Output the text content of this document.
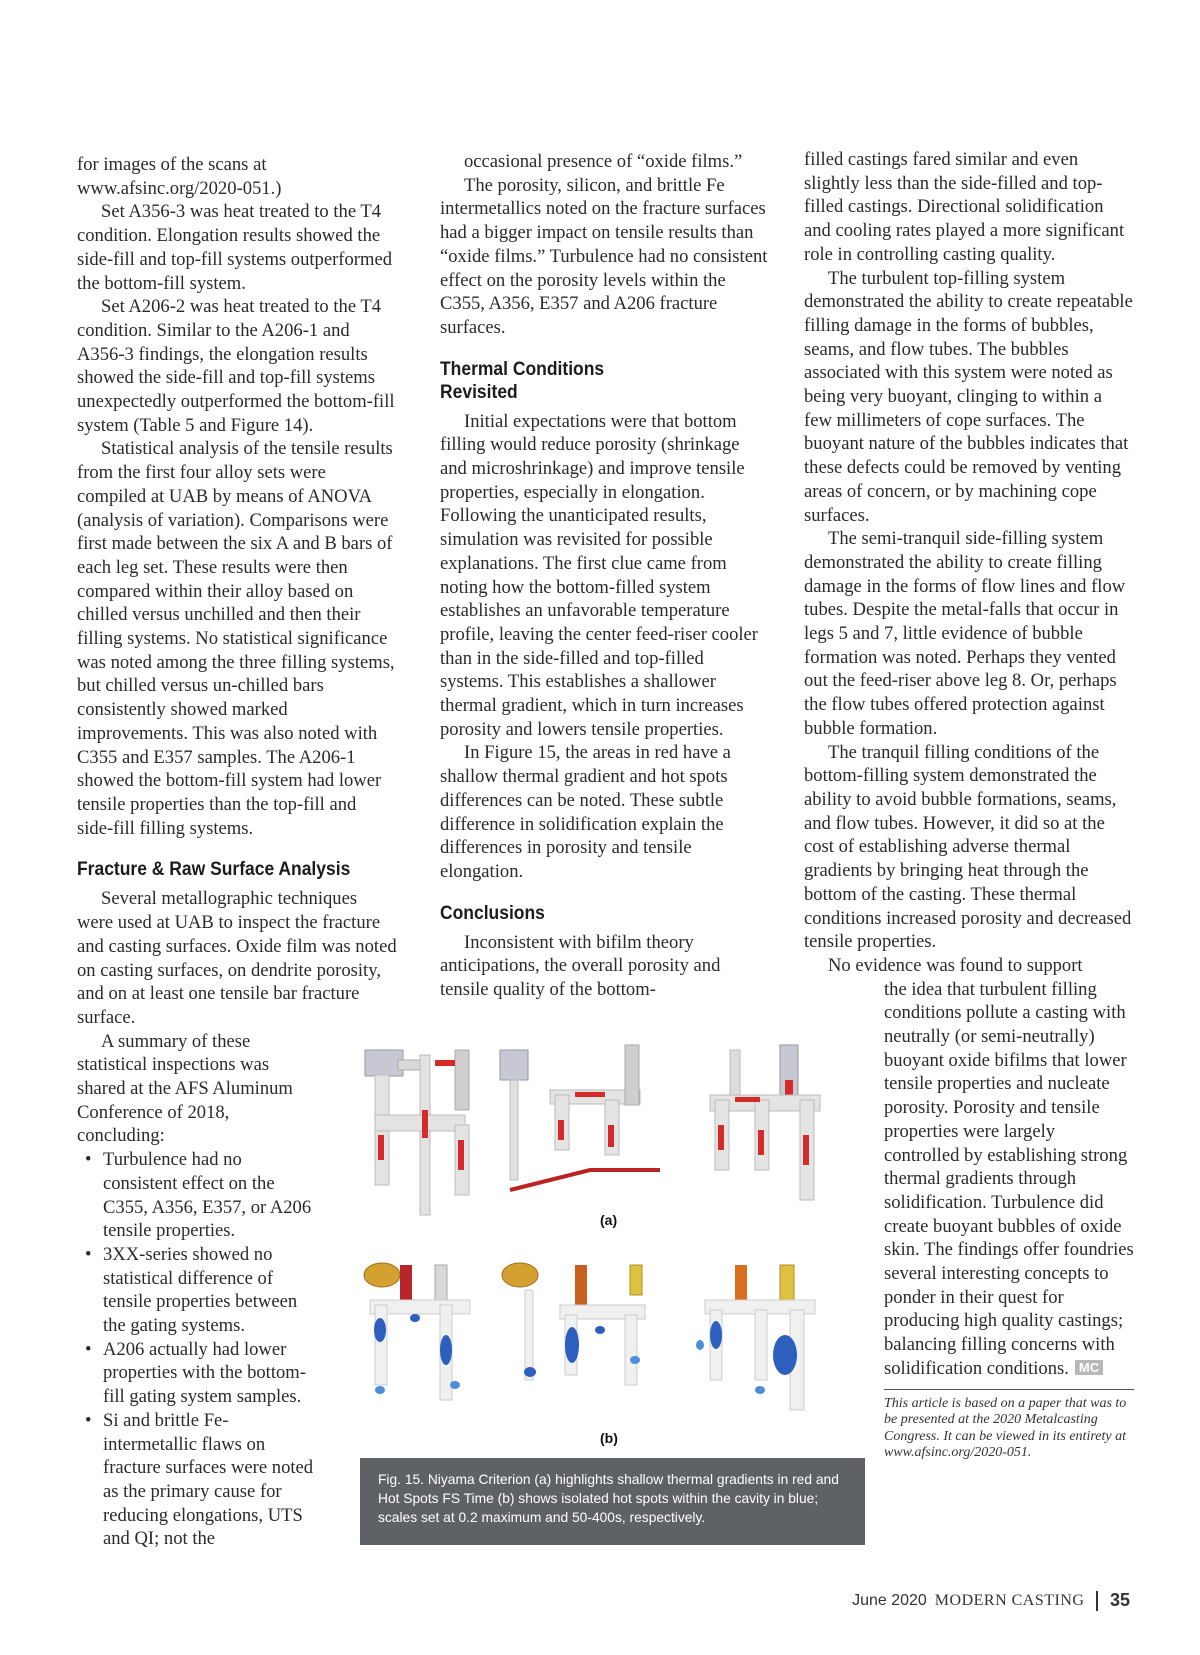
for images of the scans at www.afsinc.org/2020-051.)

Set A356-3 was heat treated to the T4 condition. Elongation results showed the side-fill and top-fill systems outperformed the bottom-fill system.

Set A206-2 was heat treated to the T4 condition. Similar to the A206-1 and A356-3 findings, the elongation results showed the side-fill and top-fill systems unexpectedly outperformed the bottom-fill system (Table 5 and Figure 14).

Statistical analysis of the tensile results from the first four alloy sets were compiled at UAB by means of ANOVA (analysis of variation). Comparisons were first made between the six A and B bars of each leg set. These results were then compared within their alloy based on chilled versus unchilled and then their filling systems. No statistical significance was noted among the three filling systems, but chilled versus un-chilled bars consistently showed marked improvements. This was also noted with C355 and E357 samples. The A206-1 showed the bottom-fill system had lower tensile properties than the top-fill and side-fill filling systems.

Fracture & Raw Surface Analysis

Several metallographic techniques were used at UAB to inspect the fracture and casting surfaces. Oxide film was noted on casting surfaces, on dendrite porosity, and on at least one tensile bar fracture surface.

A summary of these statistical inspections was shared at the AFS Aluminum Conference of 2018, concluding:

• Turbulence had no consistent effect on the C355, A356, E357, or A206 tensile properties.
• 3XX-series showed no statistical difference of tensile properties between the gating systems.
• A206 actually had lower properties with the bottom-fill gating system samples.
• Si and brittle Fe-intermetallic flaws on fracture surfaces were noted as the primary cause for reducing elongations, UTS and QI; not the

occasional presence of “oxide films.”

The porosity, silicon, and brittle Fe intermetallics noted on the fracture surfaces had a bigger impact on tensile results than “oxide films.” Turbulence had no consistent effect on the porosity levels within the C355, A356, E357 and A206 fracture surfaces.

Thermal Conditions Revisited

Initial expectations were that bottom filling would reduce porosity (shrinkage and microshrinkage) and improve tensile properties, especially in elongation. Following the unanticipated results, simulation was revisited for possible explanations. The first clue came from noting how the bottom-filled system establishes an unfavorable temperature profile, leaving the center feed-riser cooler than in the side-filled and top-filled systems. This establishes a shallower thermal gradient, which in turn increases porosity and lowers tensile properties.

In Figure 15, the areas in red have a shallow thermal gradient and hot spots differences can be noted. These subtle difference in solidification explain the differences in porosity and tensile elongation.

Conclusions

Inconsistent with bifilm theory anticipations, the overall porosity and tensile quality of the bottom-

filled castings fared similar and even slightly less than the side-filled and top-filled castings. Directional solidification and cooling rates played a more significant role in controlling casting quality.

The turbulent top-filling system demonstrated the ability to create repeatable filling damage in the forms of bubbles, seams, and flow tubes. The bubbles associated with this system were noted as being very buoyant, clinging to within a few millimeters of cope surfaces. The buoyant nature of the bubbles indicates that these defects could be removed by venting areas of concern, or by machining cope surfaces.

The semi-tranquil side-filling system demonstrated the ability to create filling damage in the forms of flow lines and flow tubes. Despite the metal-falls that occur in legs 5 and 7, little evidence of bubble formation was noted. Perhaps they vented out the feed-riser above leg 8. Or, perhaps the flow tubes offered protection against bubble formation.

The tranquil filling conditions of the bottom-filling system demonstrated the ability to avoid bubble formations, seams, and flow tubes. However, it did so at the cost of establishing adverse thermal gradients by bringing heat through the bottom of the casting. These thermal conditions increased porosity and decreased tensile properties.

No evidence was found to support

the idea that turbulent filling conditions pollute a casting with neutrally (or semi-neutrally) buoyant oxide bifilms that lower tensile properties and nucleate porosity. Porosity and tensile properties were largely controlled by establishing strong thermal gradients through solidification. Turbulence did create buoyant bubbles of oxide skin. The findings offer foundries several interesting concepts to ponder in their quest for producing high quality castings; balancing filling concerns with solidification conditions. MC

This article is based on a paper that was to be presented at the 2020 Metalcasting Congress. It can be viewed in its entirety at www.afsinc.org/2020-051.
(a)
(b)
Fig. 15. Niyama Criterion (a) highlights shallow thermal gradients in red and Hot Spots FS Time (b) shows isolated hot spots within the cavity in blue; scales set at 0.2 maximum and 50-400s, respectively.
June 2020 MODERN CASTING 35
